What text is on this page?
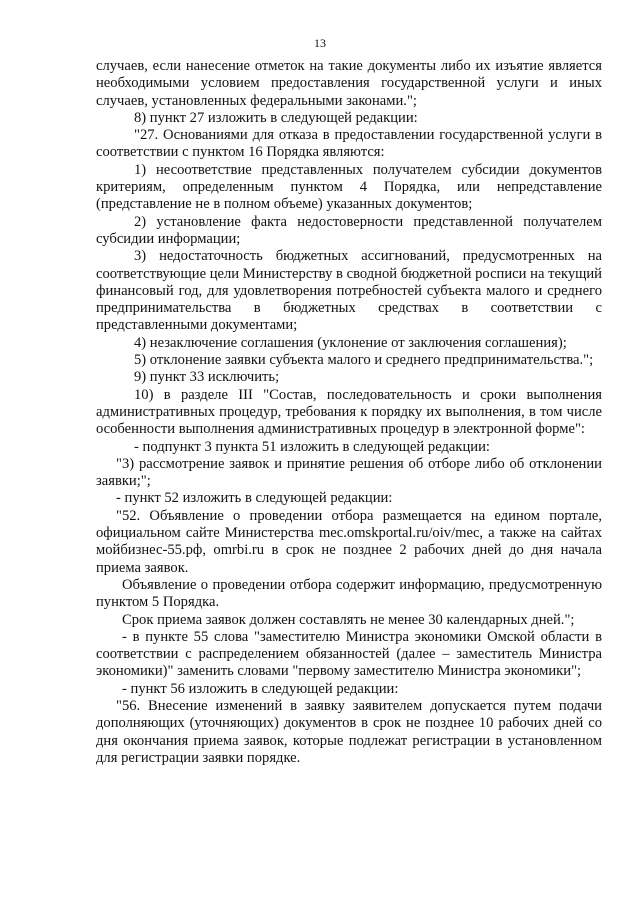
13

случаев, если нанесение отметок на такие документы либо их изъятие является необходимыми условием предоставления государственной услуги и иных случаев, установленных федеральными законами.";

8) пункт 27 изложить в следующей редакции:

"27. Основаниями для отказа в предоставлении государственной услуги в соответствии с пунктом 16 Порядка являются:

1) несоответствие представленных получателем субсидии документов критериям, определенным пунктом 4 Порядка, или непредставление (представление не в полном объеме) указанных документов;

2) установление факта недостоверности представленной получателем субсидии информации;

3) недостаточность бюджетных ассигнований, предусмотренных на соответствующие цели Министерству в сводной бюджетной росписи на текущий финансовый год, для удовлетворения потребностей субъекта малого и среднего предпринимательства в бюджетных средствах в соответствии с представленными документами;

4) незаключение соглашения (уклонение от заключения соглашения);

5) отклонение заявки субъекта малого и среднего предпринимательства.";

9) пункт 33 исключить;

10) в разделе III "Состав, последовательность и сроки выполнения административных процедур, требования к порядку их выполнения, в том числе особенности выполнения административных процедур в электронной форме":

- подпункт 3 пункта 51 изложить в следующей редакции:

"3) рассмотрение заявок и принятие решения об отборе либо об отклонении заявки;";

- пункт 52 изложить в следующей редакции:

"52. Объявление о проведении отбора размещается на едином портале, официальном сайте Министерства mec.omskportal.ru/oiv/mec, а также на сайтах мойбизнес-55.рф, omrbi.ru в срок не позднее 2 рабочих дней до дня начала приема заявок.

Объявление о проведении отбора содержит информацию, предусмотренную пунктом 5 Порядка.

Срок приема заявок должен составлять не менее 30 календарных дней.";

- в пункте 55 слова "заместителю Министра экономики Омской области в соответствии с распределением обязанностей (далее – заместитель Министра экономики)" заменить словами "первому заместителю Министра экономики";

- пункт 56 изложить в следующей редакции:

"56. Внесение изменений в заявку заявителем допускается путем подачи дополняющих (уточняющих) документов в срок не позднее 10 рабочих дней со дня окончания приема заявок, которые подлежат регистрации в установленном для регистрации заявки порядке.
